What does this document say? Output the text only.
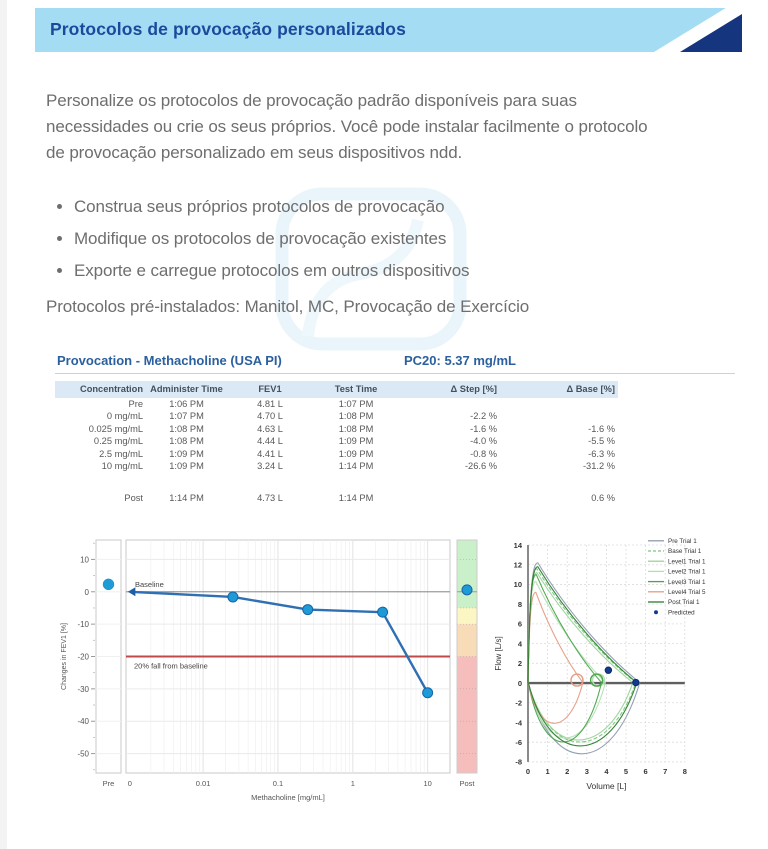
Protocolos de provocação personalizados
Personalize os protocolos de provocação padrão disponíveis para suas
necessidades ou crie os seus próprios. Você pode instalar facilmente o protocolo
de provocação personalizado em seus dispositivos ndd.
• Construa seus próprios protocolos de provocação
• Modifique os protocolos de provocação existentes
• Exporte e carregue protocolos em outros dispositivos
Protocolos pré-instalados: Manitol, MC, Provocação de Exercício
Provocation - Methacholine (USA PI)	PC20: 5.37 mg/mL
Concentration	Administer Time	FEV1	Test Time	Δ Step [%]	Δ Base [%]
Pre	1:06 PM	4.81 L	1:07 PM		
0 mg/mL	1:07 PM	4.70 L	1:08 PM	-2.2 %	
0.025 mg/mL	1:08 PM	4.63 L	1:08 PM	-1.6 %	-1.6 %
0.25 mg/mL	1:08 PM	4.44 L	1:09 PM	-4.0 %	-5.5 %
2.5 mg/mL	1:09 PM	4.41 L	1:09 PM	-0.8 %	-6.3 %
10 mg/mL	1:09 PM	3.24 L	1:14 PM	-26.6 %	-31.2 %

Post	1:14 PM	4.73 L	1:14 PM		0.6 %
10
0
-10
-20
-30
-40
-50
20% fall from baseline
Baseline
0	0.01	0.1	1	10
Pre	Post
Methacholine [mg/mL]
Changes in FEV1 [%]
14
12
10
8
6
4
2
0
-2
-4
-6
-8
0 1 2 3 4 5 6 7 8
Pre Trial 1
Base Trial 1
Level1 Trial 1
Level2 Trial 1
Level3 Trial 1
Level4 Trial 5
Post Trial 1
Predicted
Volume [L]
Flow [L/s]
